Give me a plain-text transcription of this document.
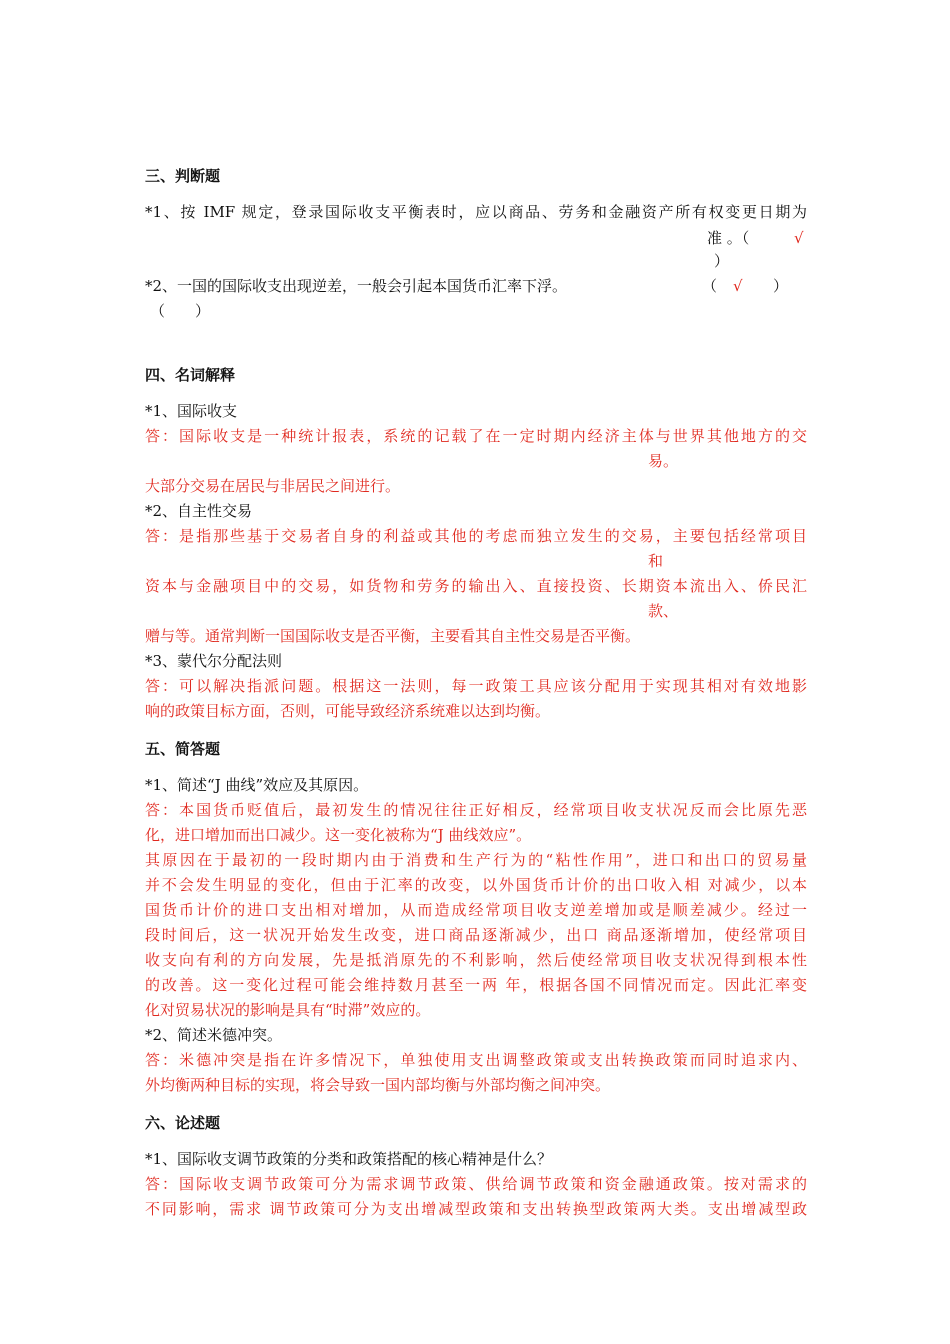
三、判断题
*1、按 IMF 规定，登录国际收支平衡表时，应以商品、劳务和金融资产所有权变更日期为
准 。（	√
）
*2、一国的国际收支出现逆差，一般会引起本国货币汇率下浮。	（ √ ）
（　　）
四、名词解释
*1、国际收支
答：国际收支是一种统计报表，系统的记载了在一定时期内经济主体与世界其他地方的交
易。
大部分交易在居民与非居民之间进行。
*2、自主性交易
答：是指那些基于交易者自身的利益或其他的考虑而独立发生的交易，主要包括经常项目
和
资本与金融项目中的交易，如货物和劳务的输出入、直接投资、长期资本流出入、侨民汇
款、
赠与等。通常判断一国国际收支是否平衡，主要看其自主性交易是否平衡。
*3、蒙代尔分配法则
答：可以解决指派问题。根据这一法则，每一政策工具应该分配用于实现其相对有效地影
响的政策目标方面，否则，可能导致经济系统难以达到均衡。
五、简答题
*1、简述“J 曲线”效应及其原因。
答：本国货币贬值后，最初发生的情况往往正好相反，经常项目收支状况反而会比原先恶
化，进口增加而出口减少。这一变化被称为“J 曲线效应”。
其原因在于最初的一段时期内由于消费和生产行为的“粘性作用”，进口和出口的贸易量
并不会发生明显的变化，但由于汇率的改变，以外国货币计价的出口收入相 对减少，以本
国货币计价的进口支出相对增加，从而造成经常项目收支逆差增加或是顺差减少。经过一
段时间后，这一状况开始发生改变，进口商品逐渐减少，出口 商品逐渐增加，使经常项目
收支向有利的方向发展，先是抵消原先的不利影响，然后使经常项目收支状况得到根本性
的改善。这一变化过程可能会维持数月甚至一两 年，根据各国不同情况而定。因此汇率变
化对贸易状况的影响是具有“时滞”效应的。
*2、简述米德冲突。
答：米德冲突是指在许多情况下，单独使用支出调整政策或支出转换政策而同时追求内、
外均衡两种目标的实现，将会导致一国内部均衡与外部均衡之间冲突。
六、论述题
*1、国际收支调节政策的分类和政策搭配的核心精神是什么？
答：国际收支调节政策可分为需求调节政策、供给调节政策和资金融通政策。按对需求的
不同影响，需求 调节政策可分为支出增减型政策和支出转换型政策两大类。支出增减型政
